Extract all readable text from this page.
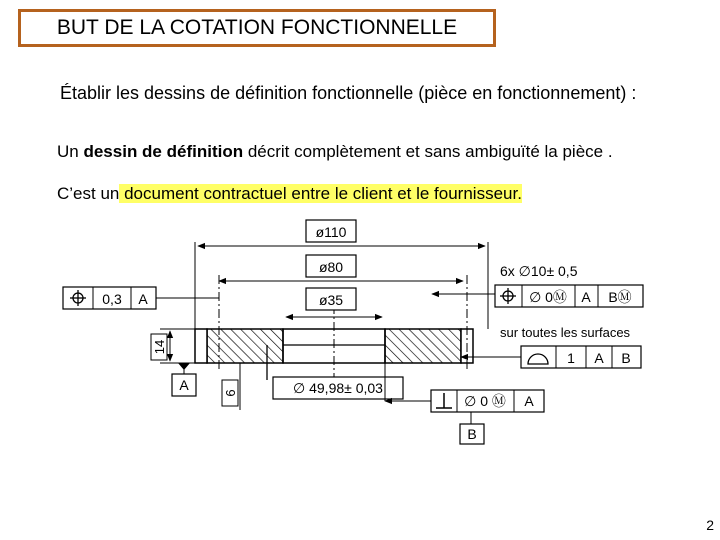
BUT DE LA COTATION FONCTIONNELLE
Établir les dessins de définition fonctionnelle (pièce en fonctionnement) :
Un dessin de définition décrit complètement et sans ambiguïté la pièce .
C’est un document contractuel entre le client et le fournisseur.
ø110
ø80
ø35
6x ∅10± 0,5
∅ 0Ⓜ A BⓂ
0,3 A
14
A	6	∅ 49,98± 0,03
sur toutes les surfaces
1 A B
∅ 0 Ⓜ A
B
2
